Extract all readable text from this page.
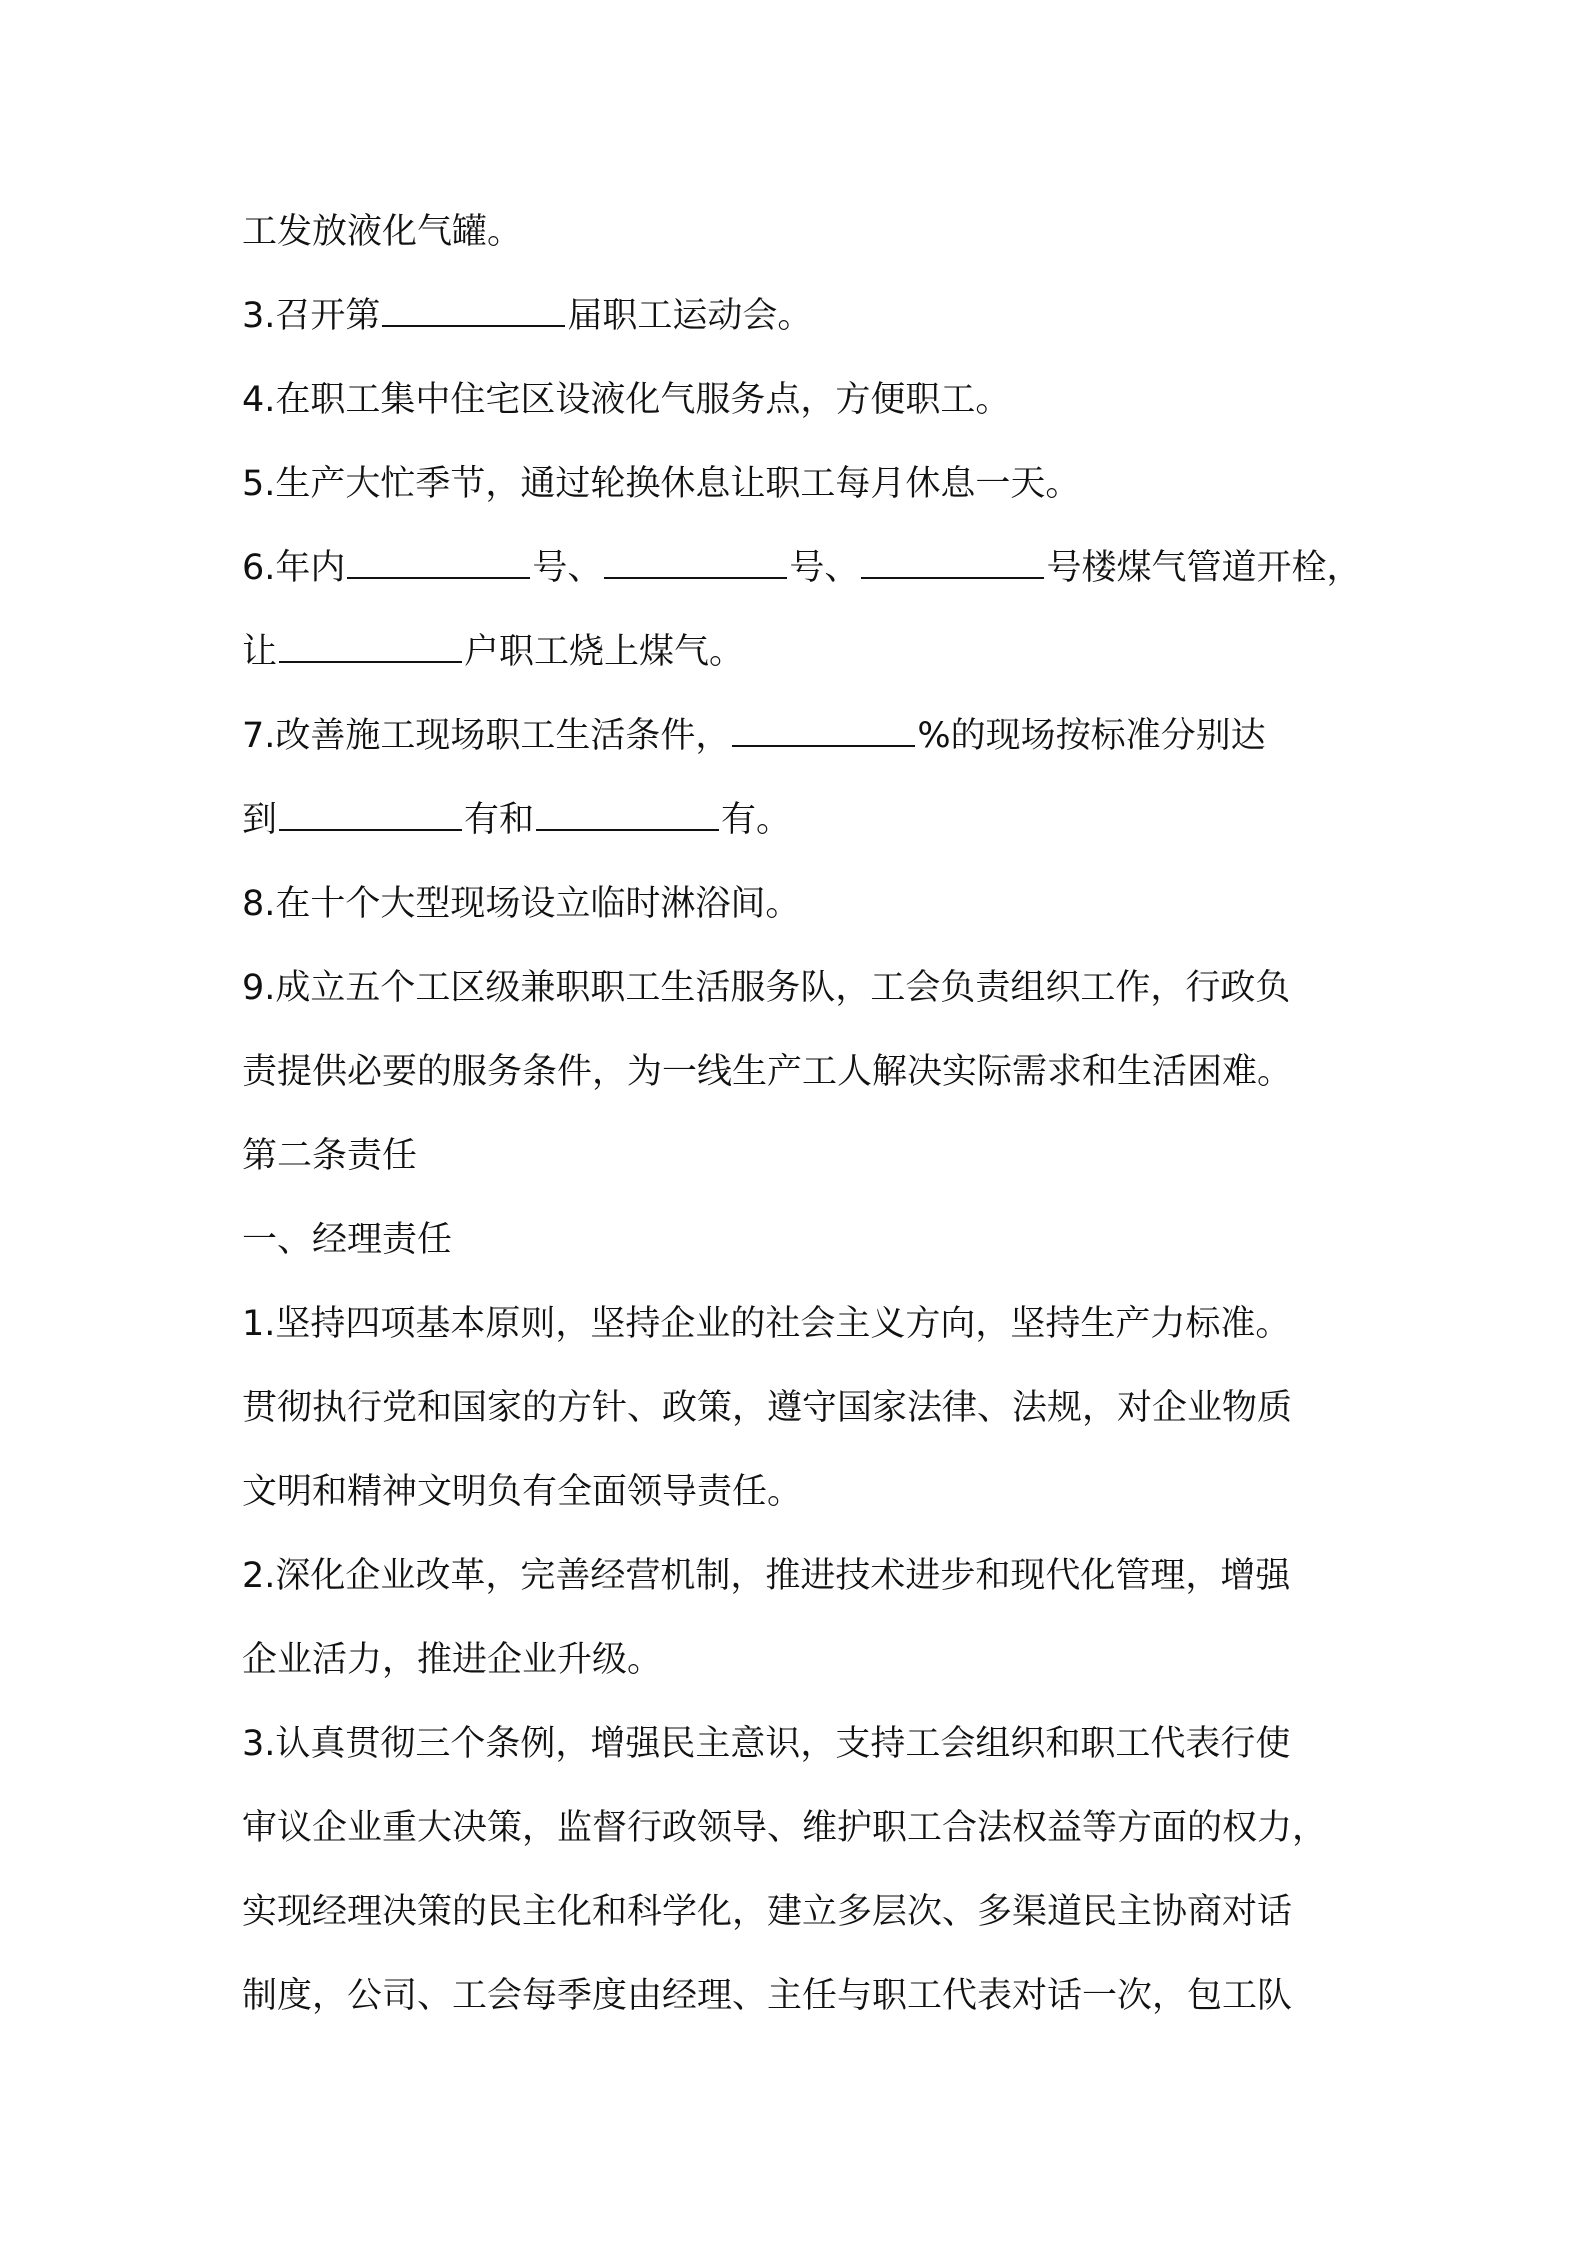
工发放液化气罐。
3.召开第	届职工运动会。
4.在职工集中住宅区设液化气服务点，方便职工。
5.生产大忙季节，通过轮换休息让职工每月休息一天。
6.年内	号、	号、	号楼煤气管道开栓，
让	户职工烧上煤气。
7.改善施工现场职工生活条件，	%的现场按标准分别达
到	有和	有。
8.在十个大型现场设立临时淋浴间。
9.成立五个工区级兼职职工生活服务队，工会负责组织工作，行政负
责提供必要的服务条件，为一线生产工人解决实际需求和生活困难。
第二条责任
一、经理责任
1.坚持四项基本原则，坚持企业的社会主义方向，坚持生产力标准。
贯彻执行党和国家的方针、政策，遵守国家法律、法规，对企业物质
文明和精神文明负有全面领导责任。
2.深化企业改革，完善经营机制，推进技术进步和现代化管理，增强
企业活力，推进企业升级。
3.认真贯彻三个条例，增强民主意识，支持工会组织和职工代表行使
审议企业重大决策，监督行政领导、维护职工合法权益等方面的权力，
实现经理决策的民主化和科学化，建立多层次、多渠道民主协商对话
制度，公司、工会每季度由经理、主任与职工代表对话一次，包工队
